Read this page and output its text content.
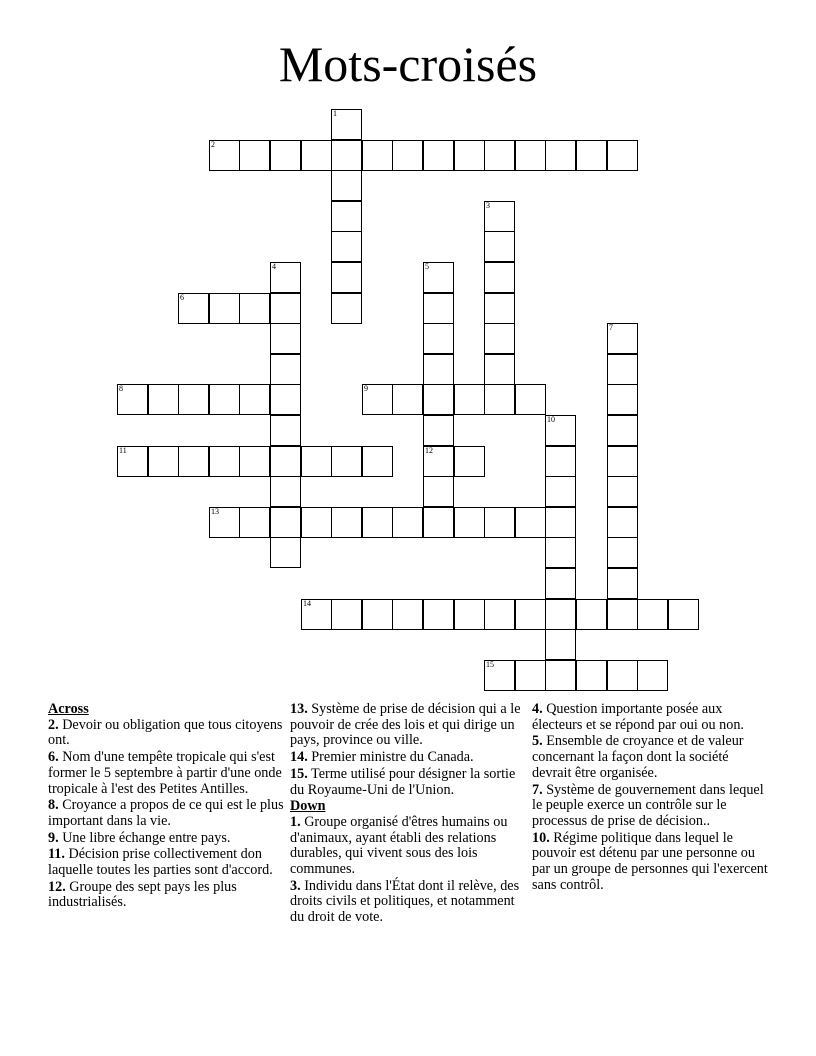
Mots-croisés
1
2
3
4	5
12
6
7
8	9
10
11
13
14
15
Across
2. Devoir ou obligation que tous citoyens ont.
6. Nom d'une tempête tropicale qui s'est former le 5 septembre à partir d'une onde tropicale à l'est des Petites Antilles.
8. Croyance a propos de ce qui est le plus important dans la vie.
9. Une libre échange entre pays.
11. Décision prise collectivement don laquelle toutes les parties sont d'accord.
12. Groupe des sept pays les plus industrialisés.
13. Système de prise de décision qui a le pouvoir de crée des lois et qui dirige un pays, province ou ville.
14. Premier ministre du Canada.
15. Terme utilisé pour désigner la sortie du Royaume-Uni de l'Union.
Down
1. Groupe organisé d'êtres humains ou d'animaux, ayant établi des relations durables, qui vivent sous des lois communes.
3. Individu dans l'État dont il relève, des droits civils et politiques, et notamment du droit de vote.
4. Question importante posée aux électeurs et se répond par oui ou non.
5. Ensemble de croyance et de valeur concernant la façon dont la société devrait être organisée.
7. Système de gouvernement dans lequel le peuple exerce un contrôle sur le processus de prise de décision..
10. Régime politique dans lequel le pouvoir est détenu par une personne ou par un groupe de personnes qui l'exercent sans contrôl.
